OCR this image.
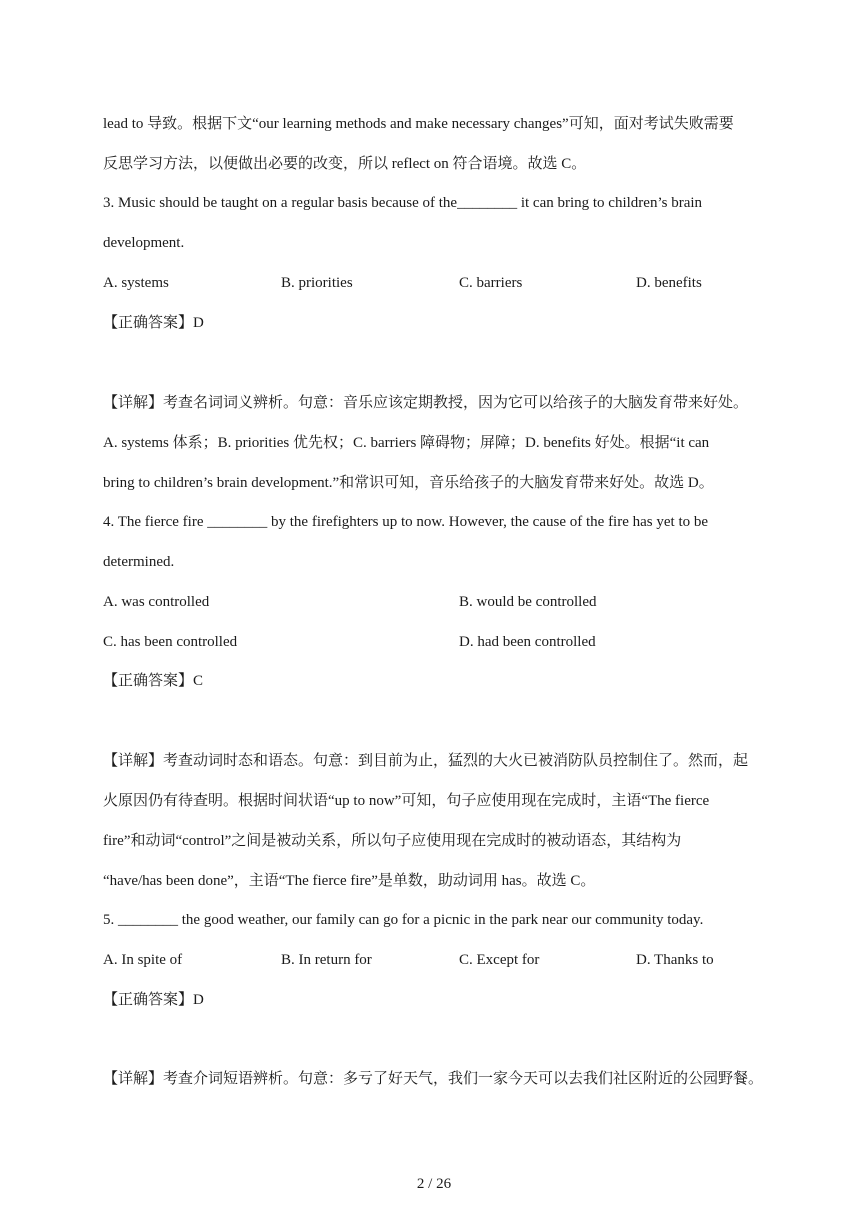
lead to 导致。根据下文“our learning methods and make necessary changes”可知，面对考试失败需要
反思学习方法，以便做出必要的改变，所以 reflect on 符合语境。故选 C。
3. Music should be taught on a regular basis because of the________ it can bring to children’s brain
development.
A. systems	B. priorities	C. barriers	D. benefits
【正确答案】D
【详解】考查名词词义辨析。句意：音乐应该定期教授，因为它可以给孩子的大脑发育带来好处。
A. systems 体系；B. priorities 优先权；C. barriers 障碍物；屏障；D. benefits 好处。根据“it can
bring to children’s brain development.”和常识可知，音乐给孩子的大脑发育带来好处。故选 D。
4. The fierce fire ________ by the firefighters up to now. However, the cause of the fire has yet to be
determined.
A. was controlled	B. would be controlled
C. has been controlled	D. had been controlled
【正确答案】C
【详解】考查动词时态和语态。句意：到目前为止，猛烈的大火已被消防队员控制住了。然而，起
火原因仍有待查明。根据时间状语“up to now”可知，句子应使用现在完成时，主语“The fierce
fire”和动词“control”之间是被动关系，所以句子应使用现在完成时的被动语态，其结构为
“have/has been done”，主语“The fierce fire”是单数，助动词用 has。故选 C。
5. ________ the good weather, our family can go for a picnic in the park near our community today.
A. In spite of	B. In return for	C. Except for	D. Thanks to
【正确答案】D
【详解】考查介词短语辨析。句意：多亏了好天气，我们一家今天可以去我们社区附近的公园野餐。
2 / 26
